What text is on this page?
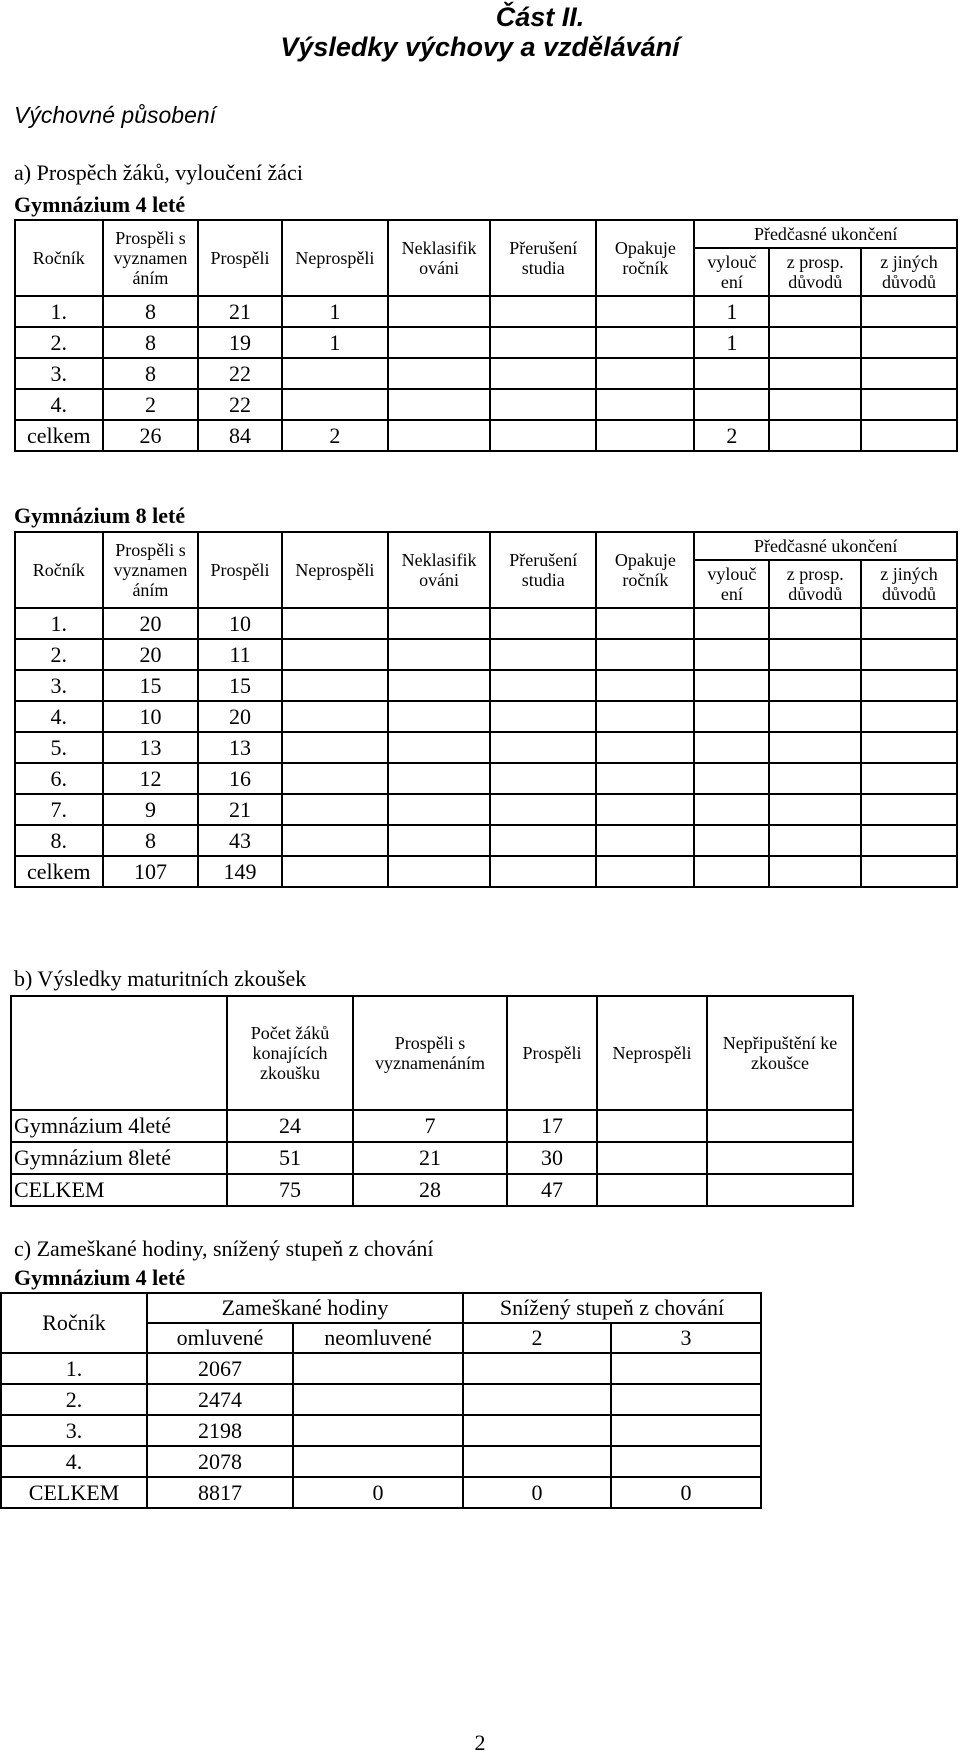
Část II.
Výsledky výchovy a vzdělávání
Výchovné působení
a) Prospěch žáků, vyloučení žáci
Gymnázium 4 leté
Ročník	Prospěli s vyznamen áním	Prospěli	Neprospěli	Neklasifik ováni	Přerušení studia	Opakuje ročník	Předčasné ukončení		
							vylouč ení	z prosp. důvodů	z jiných důvodů
1.	8	21	1				1		
2.	8	19	1				1		
3.	8	22							
4.	2	22							
celkem	26	84	2				2		
Gymnázium 8 leté
Ročník	Prospěli s vyznamen áním	Prospěli	Neprospěli	Neklasifik ováni	Přerušení studia	Opakuje ročník	Předčasné ukončení		
							vylouč ení	z prosp. důvodů	z jiných důvodů
1.	20	10							
2.	20	11							
3.	15	15							
4.	10	20							
5.	13	13							
6.	12	16							
7.	9	21							
8.	8	43							
celkem	107	149							
b) Výsledky maturitních zkoušek
	Počet žáků konajících zkoušku	Prospěli s vyznamenáním	Prospěli	Neprospěli	Nepřipuštění ke zkoušce
Gymnázium 4leté	24	7	17		
Gymnázium 8leté	51	21	30		
CELKEM	75	28	47		
c) Zameškané hodiny, snížený stupeň z chování
Gymnázium 4 leté
Ročník	Zameškané hodiny		Snížený stupeň z chování	
	omluvené	neomluvené	2	3
1.	2067			
2.	2474			
3.	2198			
4.	2078			
CELKEM	8817	0	0	0
2
